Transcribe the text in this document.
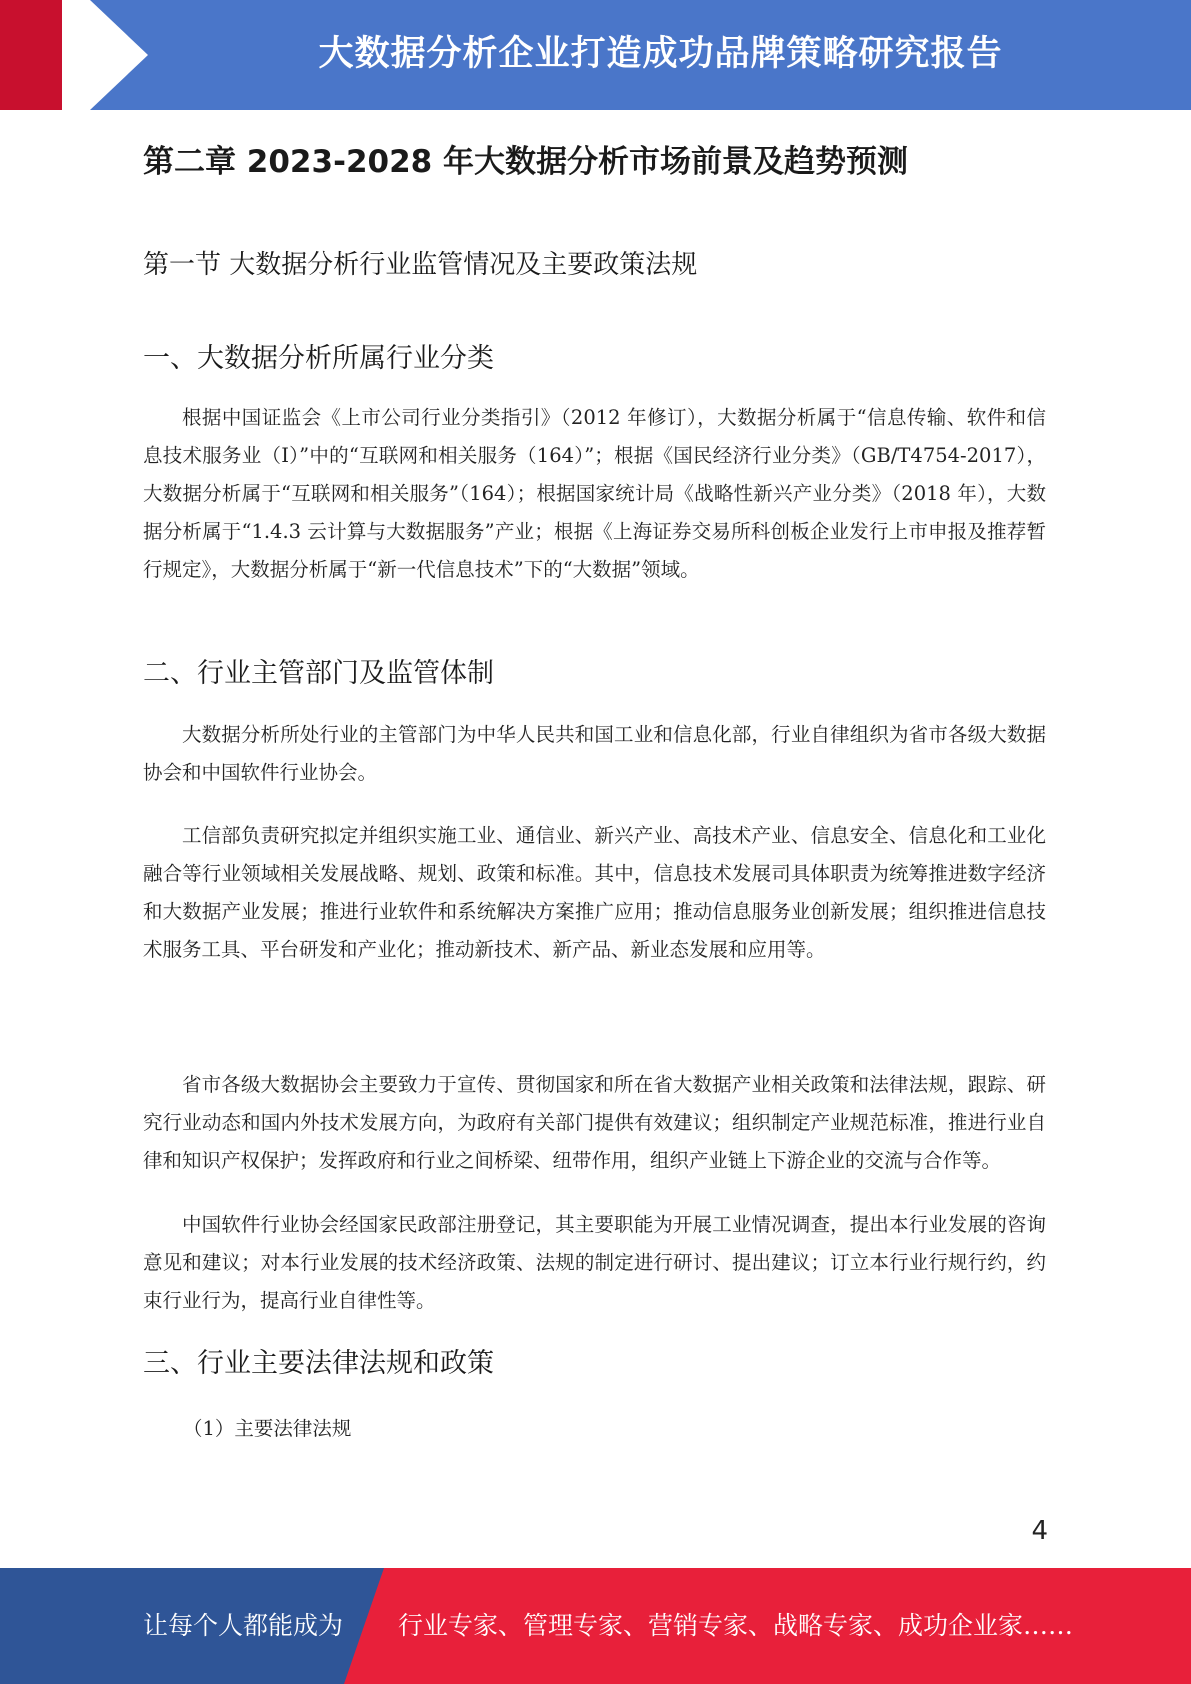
大数据分析企业打造成功品牌策略研究报告
第二章 2023-2028 年大数据分析市场前景及趋势预测
第一节 大数据分析行业监管情况及主要政策法规
一、大数据分析所属行业分类

根据中国证监会《上市公司行业分类指引》（2012 年修订），大数据分析属于“信息传输、软件和信息技术服务业（I）”中的“互联网和相关服务（164）”；根据《国民经济行业分类》（GB/T4754-2017）， 大数据分析属于“互联网和相关服务”（164）；根据国家统计局《战略性新兴产业分类》（2018 年），大数据分析属于“1.4.3 云计算与大数据服务”产业；根据《上海证券交易所科创板企业发行上市申报及推荐暂行规定》，大数据分析属于“新一代信息技术”下的“大数据”领域。

二、行业主管部门及监管体制

大数据分析所处行业的主管部门为中华人民共和国工业和信息化部，行业自律组织为省市各级大数据协会和中国软件行业协会。

工信部负责研究拟定并组织实施工业、通信业、新兴产业、高技术产业、信息安全、信息化和工业化融合等行业领域相关发展战略、规划、政策和标准。其中，信息技术发展司具体职责为统筹推进数字经济和大数据产业发展；推进行业软件和系统解决方案推广应用；推动信息服务业创新发展；组织推进信息技术服务工具、平台研发和产业化；推动新技术、新产品、新业态发展和应用等。

省市各级大数据协会主要致力于宣传、贯彻国家和所在省大数据产业相关政策和法律法规，跟踪、研究行业动态和国内外技术发展方向，为政府有关部门提供有效建议；组织制定产业规范标准，推进行业自律和知识产权保护；发挥政府和行业之间桥梁、纽带作用，组织产业链上下游企业的交流与合作等。

中国软件行业协会经国家民政部注册登记，其主要职能为开展工业情况调查，提出本行业发展的咨询意见和建议；对本行业发展的技术经济政策、法规的制定进行研讨、提出建议；订立本行业行规行约，约束行业行为，提高行业自律性等。

三、行业主要法律法规和政策
（1）主要法律法规
4
让每个人都能成为 行业专家、管理专家、营销专家、战略专家、成功企业家……
